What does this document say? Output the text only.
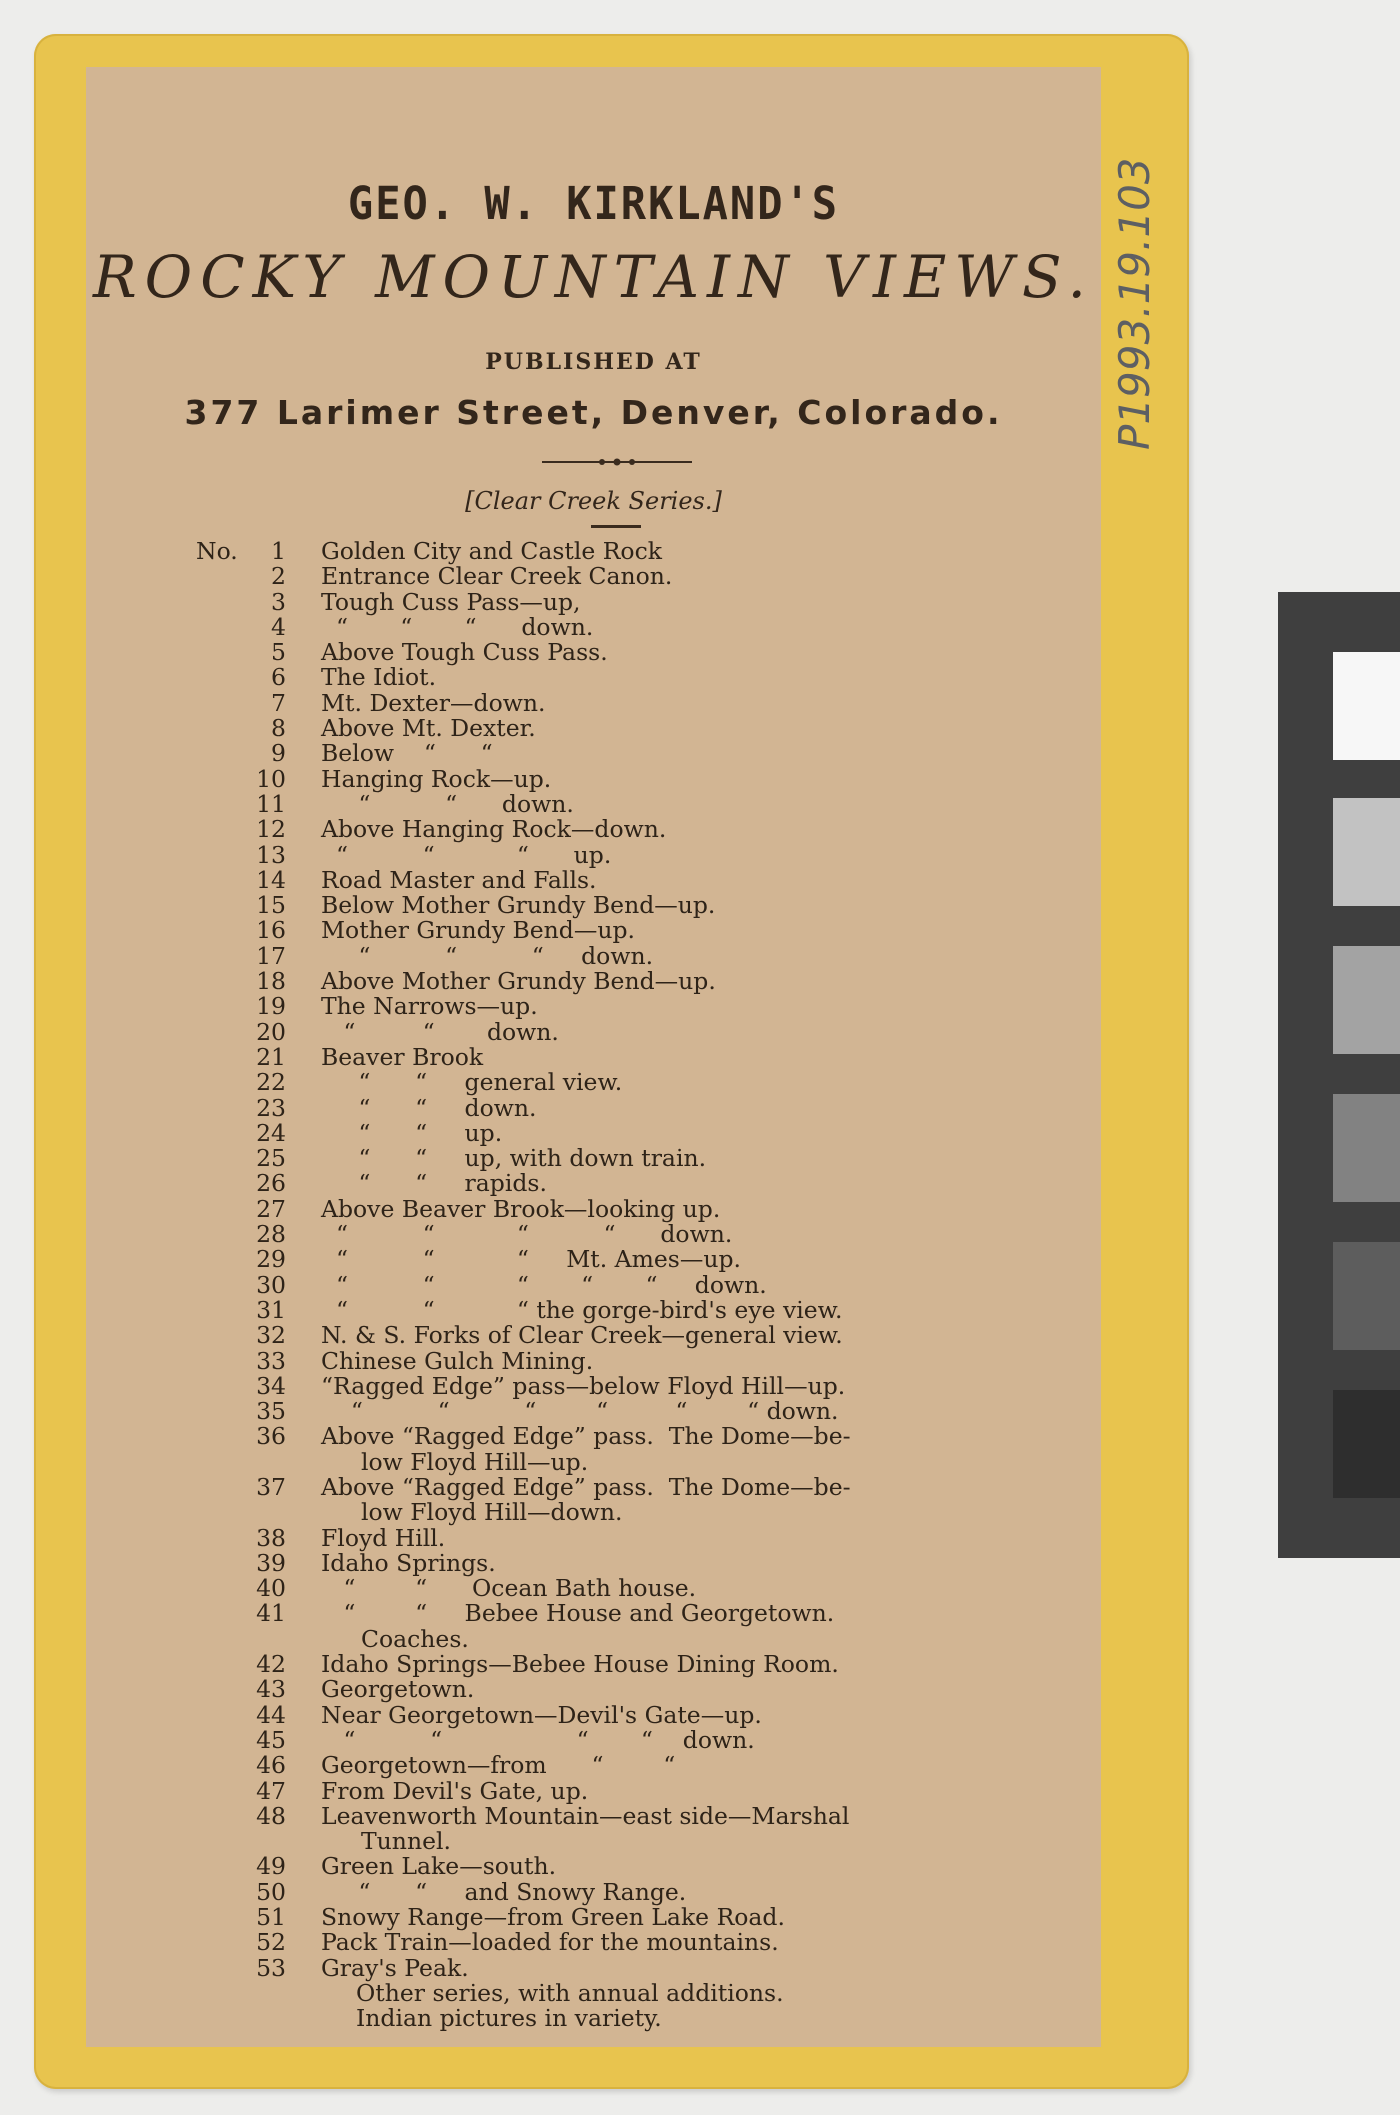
GEO. W. KIRKLAND'S
ROCKY MOUNTAIN VIEWS.
PUBLISHED AT
377 Larimer Street, Denver, Colorado.
[Clear Creek Series.]
No.	1 Golden City and Castle Rock
2 Entrance Clear Creek Canon.
3 Tough Cuss Pass—up,
4 “       “       “      down.
5 Above Tough Cuss Pass.
6 The Idiot.
7 Mt. Dexter—down.
8 Above Mt. Dexter.
9 Below    “      “
10 Hanging Rock—up.
11 “          “      down.
12 Above Hanging Rock—down.
13 “          “           “      up.
14 Road Master and Falls.
15 Below Mother Grundy Bend—up.
16 Mother Grundy Bend—up.
17 “          “          “     down.
18 Above Mother Grundy Bend—up.
19 The Narrows—up.
20 “         “       down.
21 Beaver Brook
22 “      “     general view.
23 “      “     down.
24 “      “     up.
25 “      “     up, with down train.
26 “      “     rapids.
27 Above Beaver Brook—looking up.
28 “          “           “          “      down.
29 “          “           “     Mt. Ames—up.
30 “          “           “       “       “     down.
31 “          “           “ the gorge-bird's eye view.
32 N. & S. Forks of Clear Creek—general view.
33 Chinese Gulch Mining.
34 “Ragged Edge” pass—below Floyd Hill—up.
35 “          “          “        “         “        “ down.
36 Above “Ragged Edge” pass.  The Dome—be-
low Floyd Hill—up.
37 Above “Ragged Edge” pass.  The Dome—be-
low Floyd Hill—down.
38 Floyd Hill.
39 Idaho Springs.
40 “        “      Ocean Bath house.
41 “        “     Bebee House and Georgetown.
Coaches.
42 Idaho Springs—Bebee House Dining Room.
43 Georgetown.
44 Near Georgetown—Devil's Gate—up.
45 “          “                  “       “    down.
46 Georgetown—from      “        “
47 From Devil's Gate, up.
48 Leavenworth Mountain—east side—Marshal
Tunnel.
49 Green Lake—south.
50 “      “     and Snowy Range.
51 Snowy Range—from Green Lake Road.
52 Pack Train—loaded for the mountains.
53 Gray's Peak.
Other series, with annual additions.
Indian pictures in variety.
P1993.19.103
